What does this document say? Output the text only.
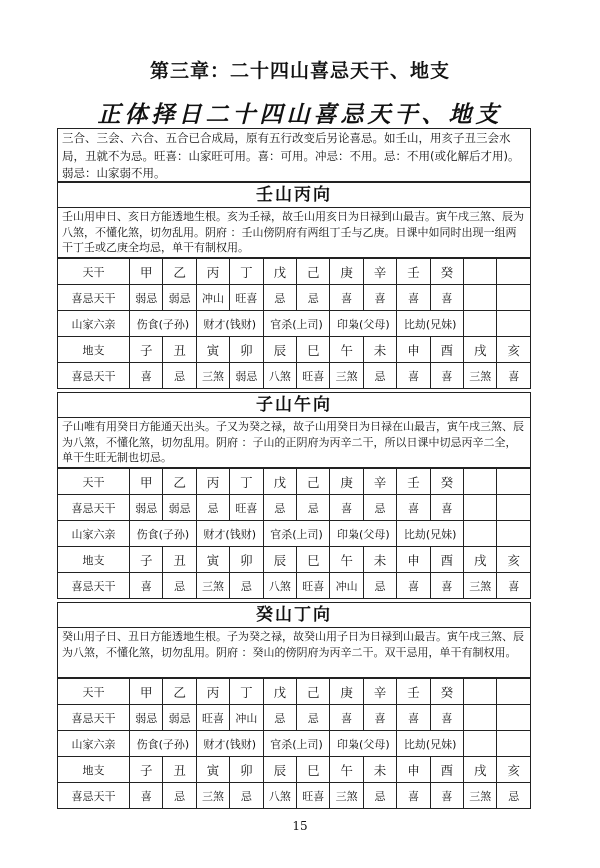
第三章：二十四山喜忌天干、地支
正体择日二十四山喜忌天干、地支
三合、三会、六合、五合已合成局，原有五行改变后另论喜忌。如壬山，用亥子丑三会水局，丑就不为忌。旺喜：山家旺可用。喜：可用。冲忌：不用。忌：不用(或化解后才用)。弱忌：山家弱不用。
壬山丙向
壬山用申日、亥日方能透地生根。亥为壬禄，故壬山用亥日为日禄到山最吉。寅午戌三煞、辰为八煞，不懂化煞，切勿乱用。阴府 ：壬山傍阴府有两组丁壬与乙庚。日课中如同时出现一组两干丁壬或乙庚全均忌，单干有制权用。
天干	甲	乙	丙	丁	戊	己	庚	辛	壬	癸		
喜忌天干	弱忌	弱忌	冲山	旺喜	忌	忌	喜	喜	喜	喜		
山家六亲	伤食(子孙)		财才(钱财)		官杀(上司)		印枭(父母)		比劫(兄妹)			
地支	子	丑	寅	卯	辰	巳	午	未	申	酉	戌	亥
喜忌天干	喜	忌	三煞	弱忌	八煞	旺喜	三煞	忌	喜	喜	三煞	喜
子山午向
子山唯有用癸日方能通天出头。子又为癸之禄，故子山用癸日为日禄在山最吉，寅午戌三煞、辰为八煞，不懂化煞，切勿乱用。阴府 ：子山的正阴府为丙辛二干，所以日课中切忌丙辛二全，单干生旺无制也切忌。
天干	甲	乙	丙	丁	戊	己	庚	辛	壬	癸		
喜忌天干	弱忌	弱忌	忌	旺喜	忌	忌	喜	忌	喜	喜		
山家六亲	伤食(子孙)		财才(钱财)		官杀(上司)		印枭(父母)		比劫(兄妹)			
地支	子	丑	寅	卯	辰	巳	午	未	申	酉	戌	亥
喜忌天干	喜	忌	三煞	忌	八煞	旺喜	冲山	忌	喜	喜	三煞	喜
癸山丁向
癸山用子日、丑日方能透地生根。子为癸之禄，故癸山用子日为日禄到山最吉。寅午戌三煞、辰为八煞，不懂化煞，切勿乱用。阴府 ：癸山的傍阴府为丙辛二干。双干忌用，单干有制权用。
天干	甲	乙	丙	丁	戊	己	庚	辛	壬	癸		
喜忌天干	弱忌	弱忌	旺喜	冲山	忌	忌	喜	喜	喜	喜		
山家六亲	伤食(子孙)		财才(钱财)		官杀(上司)		印枭(父母)		比劫(兄妹)			
地支	子	丑	寅	卯	辰	巳	午	未	申	酉	戌	亥
喜忌天干	喜	忌	三煞	忌	八煞	旺喜	三煞	忌	喜	喜	三煞	忌
15
